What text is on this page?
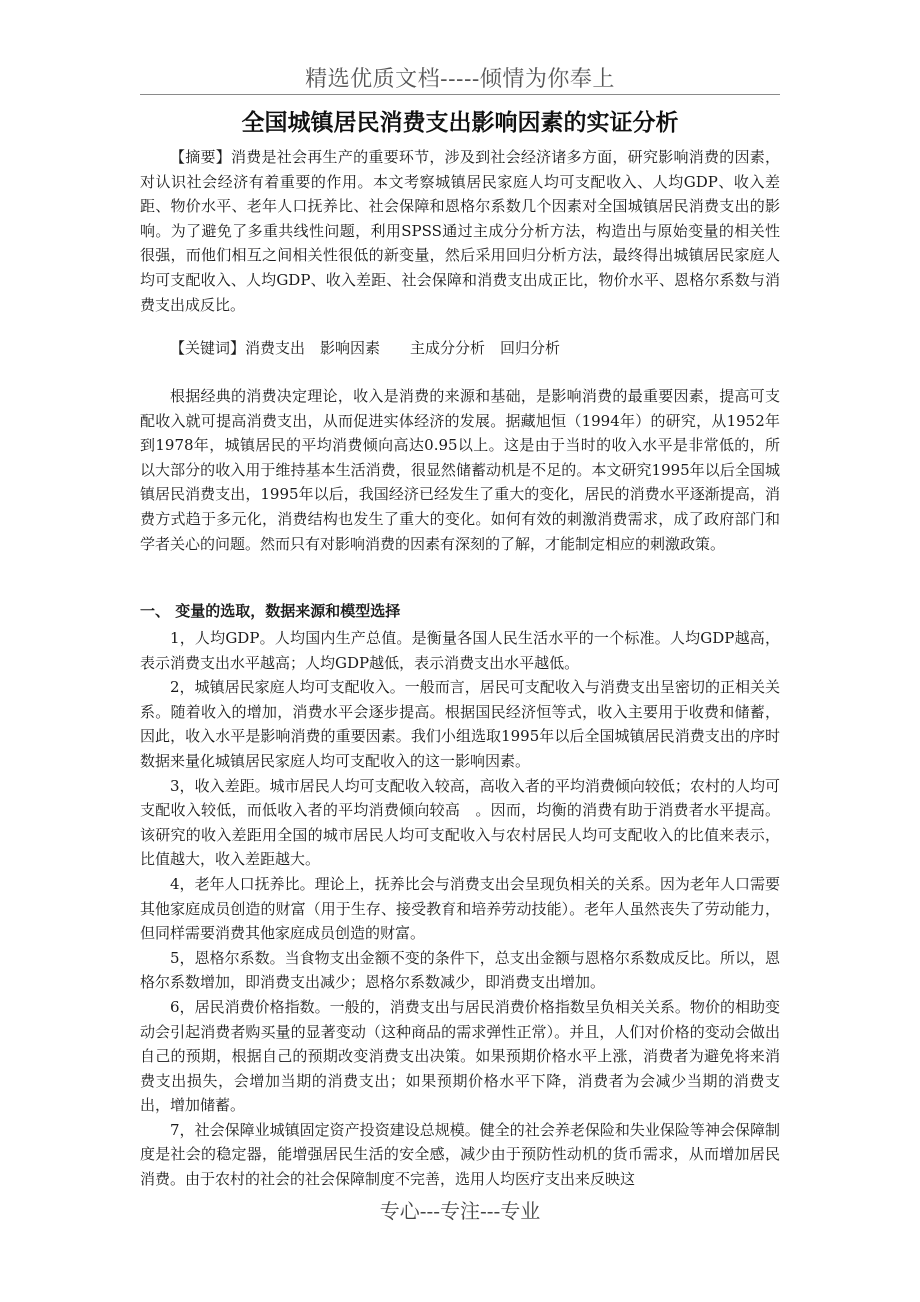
精选优质文档-----倾情为你奉上
全国城镇居民消费支出影响因素的实证分析
【摘要】消费是社会再生产的重要环节，涉及到社会经济诸多方面，研究影响消费的因素，对认识社会经济有着重要的作用。本文考察城镇居民家庭人均可支配收入、人均GDP、收入差距、物价水平、老年人口抚养比、社会保障和恩格尔系数几个因素对全国城镇居民消费支出的影响。为了避免了多重共线性问题，利用SPSS通过主成分分析方法，构造出与原始变量的相关性很强，而他们相互之间相关性很低的新变量，然后采用回归分析方法，最终得出城镇居民家庭人均可支配收入、人均GDP、收入差距、社会保障和消费支出成正比，物价水平、恩格尔系数与消费支出成反比。
【关键词】消费支出　影响因素　　主成分分析　回归分析
根据经典的消费决定理论，收入是消费的来源和基础，是影响消费的最重要因素，提高可支配收入就可提高消费支出，从而促进实体经济的发展。据藏旭恒（1994年）的研究，从1952年到1978年，城镇居民的平均消费倾向高达0.95以上。这是由于当时的收入水平是非常低的，所以大部分的收入用于维持基本生活消费，很显然储蓄动机是不足的。本文研究1995年以后全国城镇居民消费支出，1995年以后，我国经济已经发生了重大的变化，居民的消费水平逐渐提高，消费方式趋于多元化，消费结构也发生了重大的变化。如何有效的刺激消费需求，成了政府部门和学者关心的问题。然而只有对影响消费的因素有深刻的了解，才能制定相应的刺激政策。
一、 变量的选取，数据来源和模型选择

1，人均GDP。人均国内生产总值。是衡量各国人民生活水平的一个标准。人均GDP越高，表示消费支出水平越高；人均GDP越低，表示消费支出水平越低。

2，城镇居民家庭人均可支配收入。一般而言，居民可支配收入与消费支出呈密切的正相关关系。随着收入的增加，消费水平会逐步提高。根据国民经济恒等式，收入主要用于收费和储蓄，因此，收入水平是影响消费的重要因素。我们小组选取1995年以后全国城镇居民消费支出的序时数据来量化城镇居民家庭人均可支配收入的这一影响因素。

3，收入差距。城市居民人均可支配收入较高，高收入者的平均消费倾向较低；农村的人均可支配收入较低，而低收入者的平均消费倾向较高　。因而，均衡的消费有助于消费者水平提高。该研究的收入差距用全国的城市居民人均可支配收入与农村居民人均可支配收入的比值来表示，比值越大，收入差距越大。

4，老年人口抚养比。理论上，抚养比会与消费支出会呈现负相关的关系。因为老年人口需要其他家庭成员创造的财富（用于生存、接受教育和培养劳动技能）。老年人虽然丧失了劳动能力，但同样需要消费其他家庭成员创造的财富。

5，恩格尔系数。当食物支出金额不变的条件下，总支出金额与恩格尔系数成反比。所以，恩格尔系数增加，即消费支出减少；恩格尔系数减少，即消费支出增加。

6，居民消费价格指数。一般的，消费支出与居民消费价格指数呈负相关关系。物价的相助变动会引起消费者购买量的显著变动（这种商品的需求弹性正常）。并且，人们对价格的变动会做出自己的预期，根据自己的预期改变消费支出决策。如果预期价格水平上涨，消费者为避免将来消费支出损失，会增加当期的消费支出；如果预期价格水平下降，消费者为会减少当期的消费支出，增加储蓄。

7，社会保障业城镇固定资产投资建设总规模。健全的社会养老保险和失业保险等神会保障制度是社会的稳定器，能增强居民生活的安全感，减少由于预防性动机的货币需求，从而增加居民消费。由于农村的社会的社会保障制度不完善，选用人均医疗支出来反映这

专心---专注---专业
